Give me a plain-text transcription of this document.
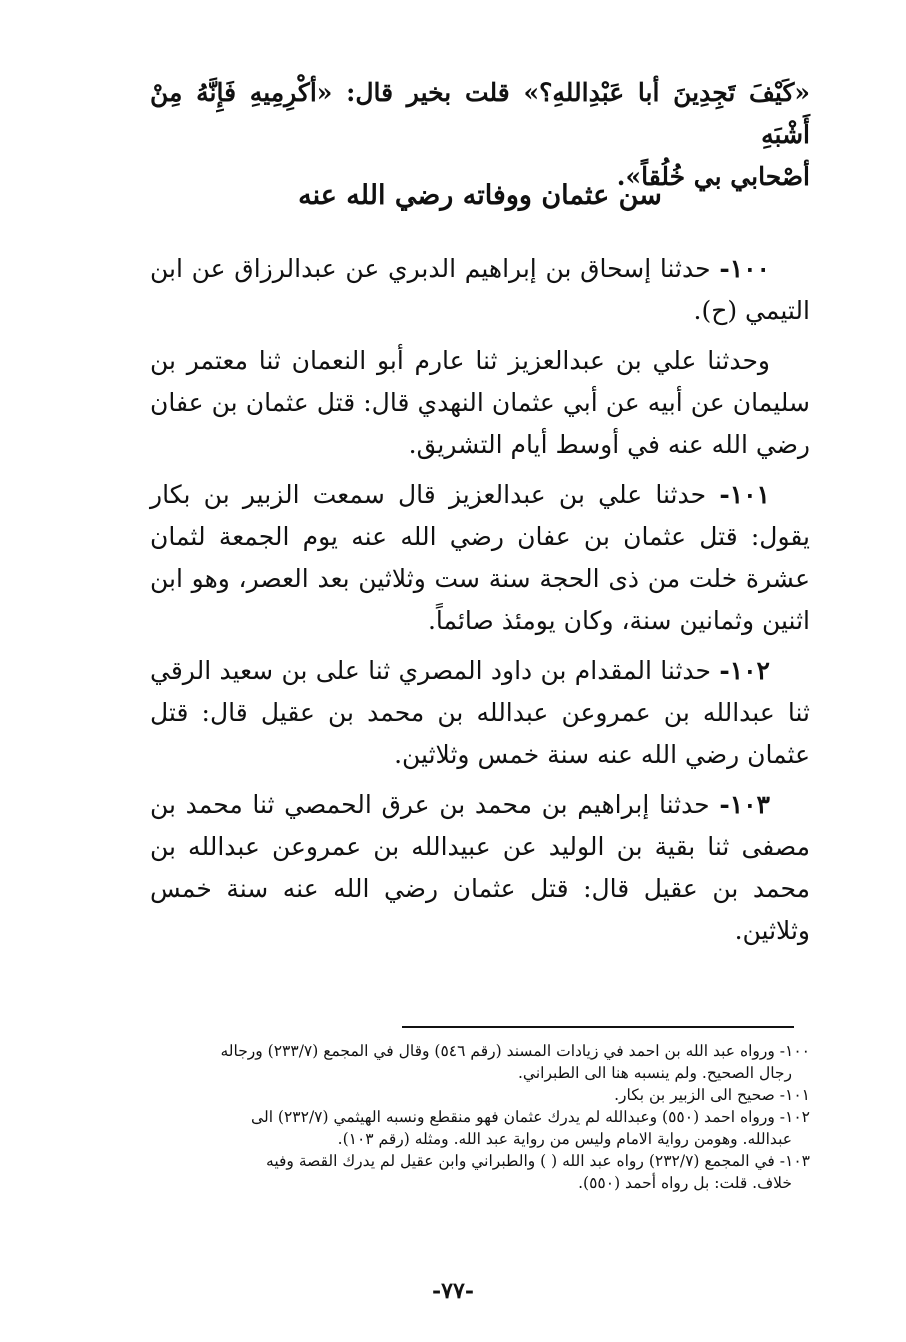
«كَيْفَ تَجِدِينَ أبا عَبْدِاللهِ؟» قلت بخير قال: «أكْرِمِيهِ فَإِنَّهُ مِنْ أَشْبَهِ

أصْحابي بي خُلُقاً».

سن عثمان ووفاته رضي الله عنه

١٠٠- حدثنا إسحاق بن إبراهيم الدبري عن عبدالرزاق عن ابن التيمي (ح).

وحدثنا علي بن عبدالعزيز ثنا عارم أبو النعمان ثنا معتمر بن سليمان عن أبيه عن أبي عثمان النهدي قال: قتل عثمان بن عفان رضي الله عنه في أوسط أيام التشريق.

١٠١- حدثنا علي بن عبدالعزيز قال سمعت الزبير بن بكار يقول: قتل عثمان بن عفان رضي الله عنه يوم الجمعة لثمان عشرة خلت من ذى الحجة سنة ست وثلاثين بعد العصر، وهو ابن اثنين وثمانين سنة، وكان يومئذ صائماً.

١٠٢- حدثنا المقدام بن داود المصري ثنا على بن سعيد الرقي ثنا عبدالله بن عمروعن عبدالله بن محمد بن عقيل قال: قتل عثمان رضي الله عنه سنة خمس وثلاثين.

١٠٣- حدثنا إبراهيم بن محمد بن عرق الحمصي ثنا محمد بن مصفى ثنا بقية بن الوليد عن عبيدالله بن عمروعن عبدالله بن محمد بن عقيل قال: قتل عثمان رضي الله عنه سنة خمس وثلاثين.

١٠٠- ورواه عبد الله بن احمد في زيادات المسند (رقم ٥٤٦) وقال في المجمع (٢٣٣/٧) ورجاله

رجال الصحيح. ولم ينسبه هنا الى الطبراني.

١٠١- صحيح الى الزبير بن بكار.

١٠٢- ورواه احمد (٥٥٠) وعبدالله لم يدرك عثمان فهو منقطع ونسبه الهيثمي (٢٣٢/٧) الى

عبدالله. وهومن رواية الامام وليس من رواية عبد الله. ومثله (رقم ١٠٣).

١٠٣- في المجمع (٢٣٢/٧) رواه عبد الله ( ) والطبراني وابن عقيل لم يدرك القصة وفيه

خلاف. قلت: بل رواه أحمد (٥٥٠).

-٧٧-
